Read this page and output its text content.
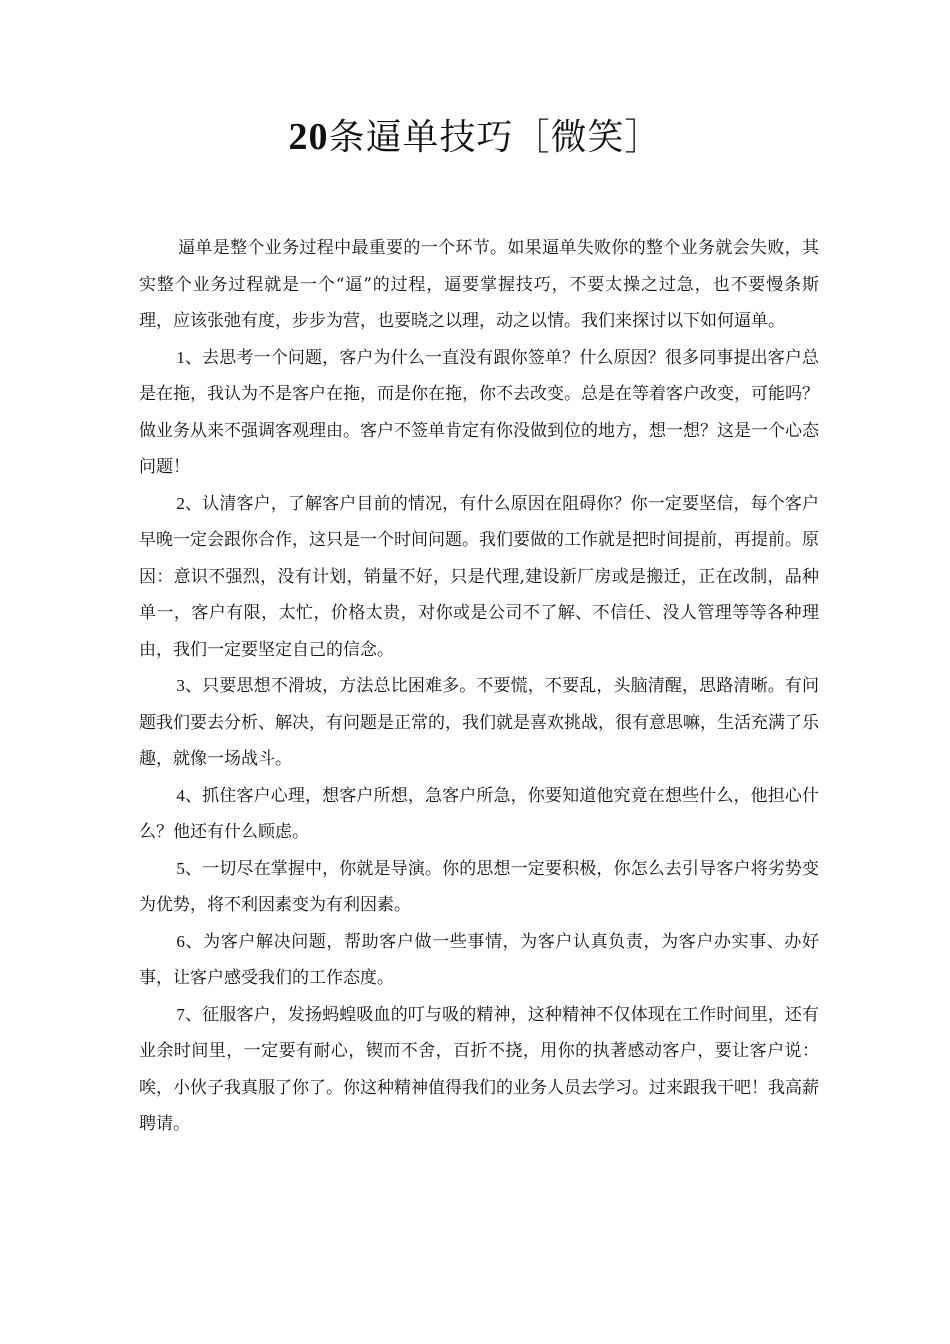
20条逼单技巧［微笑］

逼单是整个业务过程中最重要的一个环节。如果逼单失败你的整个业务就会失败，其实整个业务过程就是一个“逼”的过程，逼要掌握技巧，不要太操之过急，也不要慢条斯理，应该张弛有度，步步为营，也要晓之以理，动之以情。我们来探讨以下如何逼单。

1、去思考一个问题，客户为什么一直没有跟你签单？什么原因？很多同事提出客户总是在拖，我认为不是客户在拖，而是你在拖，你不去改变。总是在等着客户改变，可能吗？做业务从来不强调客观理由。客户不签单肯定有你没做到位的地方，想一想？这是一个心态问题！

2、认清客户，了解客户目前的情况，有什么原因在阻碍你？你一定要坚信，每个客户早晚一定会跟你合作，这只是一个时间问题。我们要做的工作就是把时间提前，再提前。原因：意识不强烈，没有计划，销量不好，只是代理,建设新厂房或是搬迁，正在改制，品种单一，客户有限，太忙，价格太贵，对你或是公司不了解、不信任、没人管理等等各种理由，我们一定要坚定自己的信念。

3、只要思想不滑坡，方法总比困难多。不要慌，不要乱，头脑清醒，思路清晰。有问题我们要去分析、解决，有问题是正常的，我们就是喜欢挑战，很有意思嘛，生活充满了乐趣，就像一场战斗。

4、抓住客户心理，想客户所想，急客户所急，你要知道他究竟在想些什么，他担心什么？他还有什么顾虑。

5、一切尽在掌握中，你就是导演。你的思想一定要积极，你怎么去引导客户将劣势变为优势，将不利因素变为有利因素。

6、为客户解决问题，帮助客户做一些事情，为客户认真负责，为客户办实事、办好事，让客户感受我们的工作态度。

7、征服客户，发扬蚂蝗吸血的叮与吸的精神，这种精神不仅体现在工作时间里，还有业余时间里，一定要有耐心，锲而不舍，百折不挠，用你的执著感动客户，要让客户说：唉，小伙子我真服了你了。你这种精神值得我们的业务人员去学习。过来跟我干吧！我高薪聘请。
